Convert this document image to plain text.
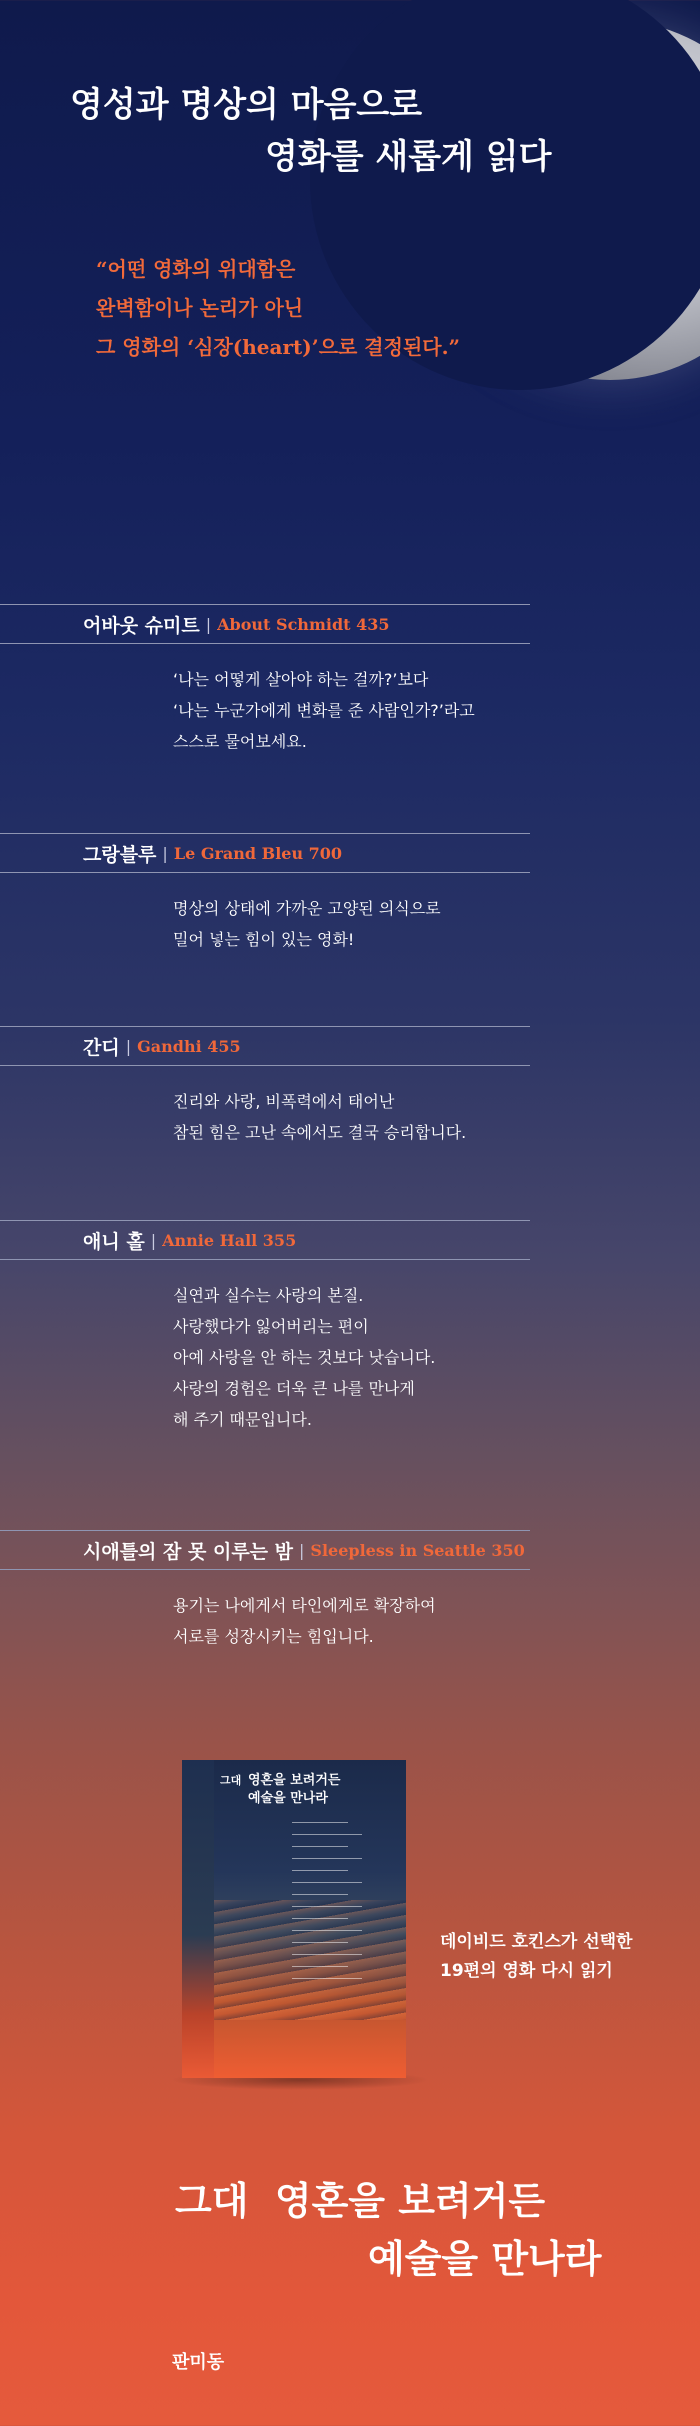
영성과 명상의 마음으로
영화를 새롭게 읽다
“어떤 영화의 위대함은
완벽함이나 논리가 아닌
그 영화의 ‘심장(heart)’으로 결정된다.”
어바웃 슈미트 | About Schmidt 435
‘나는 어떻게 살아야 하는 걸까?’보다
‘나는 누군가에게 변화를 준 사람인가?’라고
스스로 물어보세요.
그랑블루 | Le Grand Bleu 700
명상의 상태에 가까운 고양된 의식으로
밀어 넣는 힘이 있는 영화!
간디 | Gandhi 455
진리와 사랑, 비폭력에서 태어난
참된 힘은 고난 속에서도 결국 승리합니다.
애니 홀 | Annie Hall 355
실연과 실수는 사랑의 본질.
사랑했다가 잃어버리는 편이
아예 사랑을 안 하는 것보다 낫습니다.
사랑의 경험은 더욱 큰 나를 만나게
해 주기 때문입니다.
시애틀의 잠 못 이루는 밤 | Sleepless in Seattle 350
용기는 나에게서 타인에게로 확장하여
서로를 성장시키는 힘입니다.
그대 영혼을 보려거든
예술을 만나라
데이비드 호킨스가 선택한
19편의 영화 다시 읽기
그대  영혼을 보려거든
예술을 만나라
판미동
